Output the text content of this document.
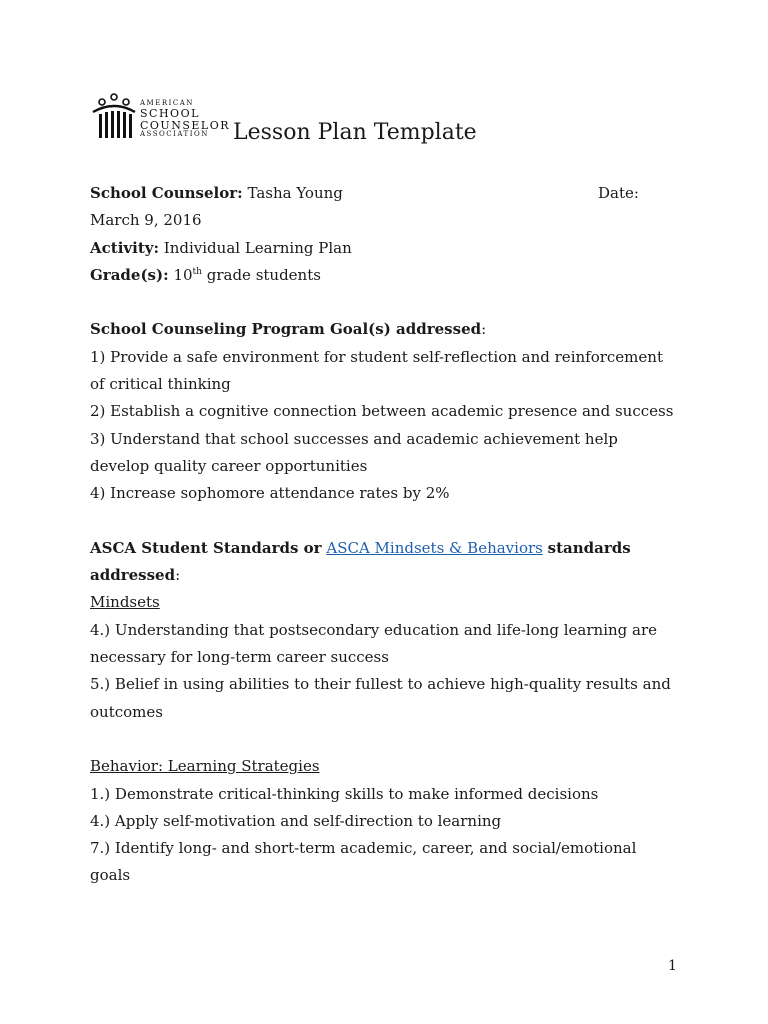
AMERICAN
SCHOOL
COUNSELOR
ASSOCIATION	Lesson Plan Template
School Counselor: Tasha Young	Date:
March 9, 2016
Activity: Individual Learning Plan
Grade(s): 10th grade students
School Counseling Program Goal(s) addressed:
1) Provide a safe environment for student self-reflection and reinforcement
of critical thinking
2) Establish a cognitive connection between academic presence and success
3) Understand that school successes and academic achievement help
develop quality career opportunities
4) Increase sophomore attendance rates by 2%
ASCA Student Standards or ASCA Mindsets & Behaviors standards
addressed:
Mindsets
4.) Understanding that postsecondary education and life-long learning are
necessary for long-term career success
5.) Belief in using abilities to their fullest to achieve high-quality results and
outcomes
Behavior: Learning Strategies
1.) Demonstrate critical-thinking skills to make informed decisions
4.) Apply self-motivation and self-direction to learning
7.) Identify long- and short-term academic, career, and social/emotional
goals
1
